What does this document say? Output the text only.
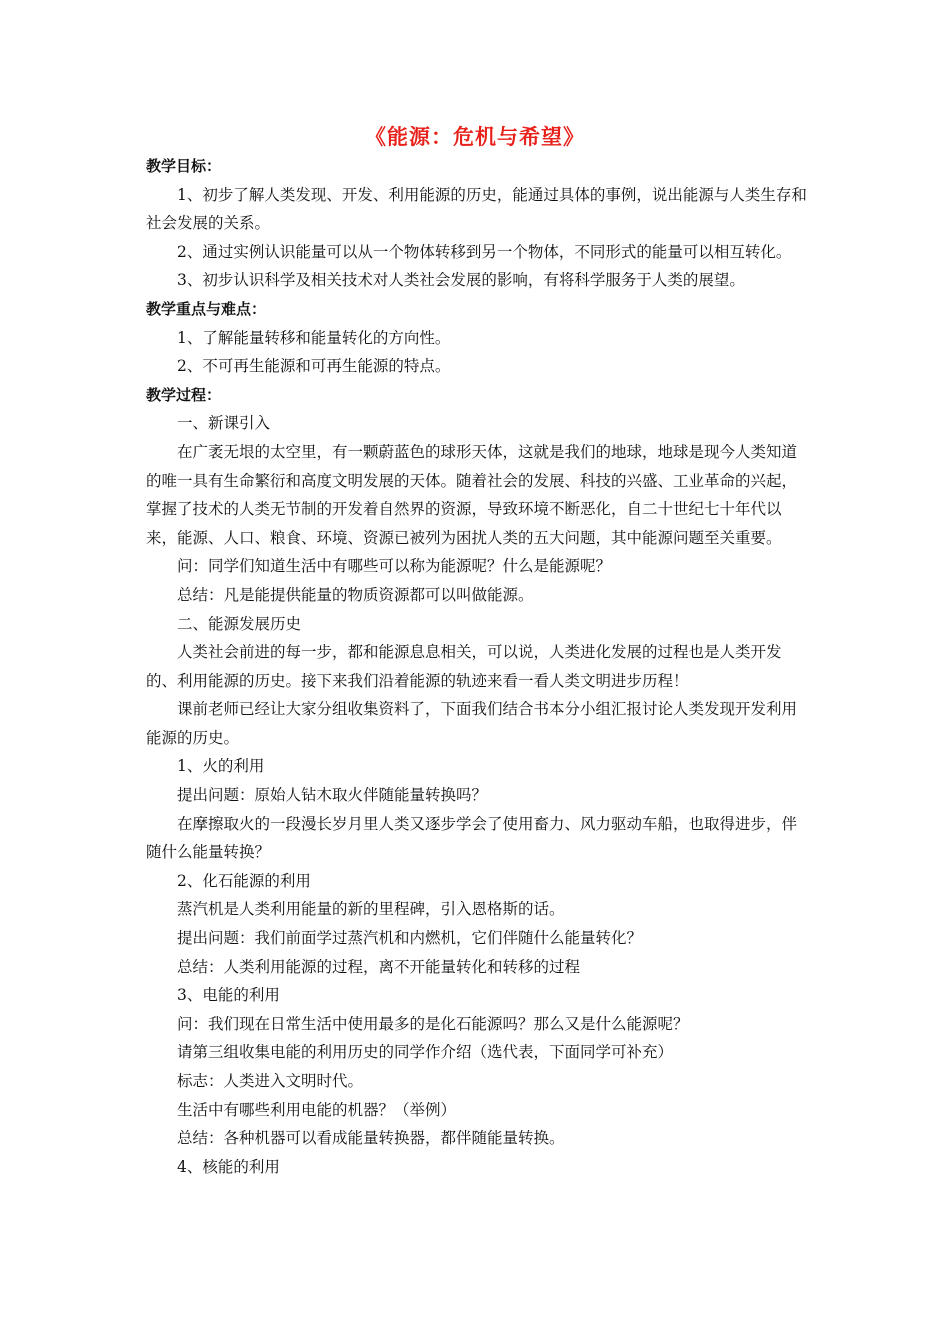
《能源：危机与希望》

教学目标：

1、初步了解人类发现、开发、利用能源的历史，能通过具体的事例，说出能源与人类生存和社会发展的关系。

2、通过实例认识能量可以从一个物体转移到另一个物体，不同形式的能量可以相互转化。

3、初步认识科学及相关技术对人类社会发展的影响，有将科学服务于人类的展望。

教学重点与难点：

1、了解能量转移和能量转化的方向性。

2、不可再生能源和可再生能源的特点。

教学过程：

一、新课引入

在广袤无垠的太空里，有一颗蔚蓝色的球形天体，这就是我们的地球，地球是现今人类知道的唯一具有生命繁衍和高度文明发展的天体。随着社会的发展、科技的兴盛、工业革命的兴起，掌握了技术的人类无节制的开发着自然界的资源，导致环境不断恶化，自二十世纪七十年代以来，能源、人口、粮食、环境、资源已被列为困扰人类的五大问题，其中能源问题至关重要。

问：同学们知道生活中有哪些可以称为能源呢？什么是能源呢？

总结：凡是能提供能量的物质资源都可以叫做能源。

二、能源发展历史

人类社会前进的每一步，都和能源息息相关，可以说，人类进化发展的过程也是人类开发的、利用能源的历史。接下来我们沿着能源的轨迹来看一看人类文明进步历程！

课前老师已经让大家分组收集资料了，下面我们结合书本分小组汇报讨论人类发现开发利用能源的历史。

1、火的利用

提出问题：原始人钻木取火伴随能量转换吗？

在摩擦取火的一段漫长岁月里人类又逐步学会了使用畜力、风力驱动车船，也取得进步，伴随什么能量转换？

2、化石能源的利用

蒸汽机是人类利用能量的新的里程碑，引入恩格斯的话。

提出问题：我们前面学过蒸汽机和内燃机，它们伴随什么能量转化？

总结：人类利用能源的过程，离不开能量转化和转移的过程

3、电能的利用

问：我们现在日常生活中使用最多的是化石能源吗？那么又是什么能源呢？

请第三组收集电能的利用历史的同学作介绍（选代表，下面同学可补充）

标志：人类进入文明时代。

生活中有哪些利用电能的机器？（举例）

总结：各种机器可以看成能量转换器，都伴随能量转换。

4、核能的利用
